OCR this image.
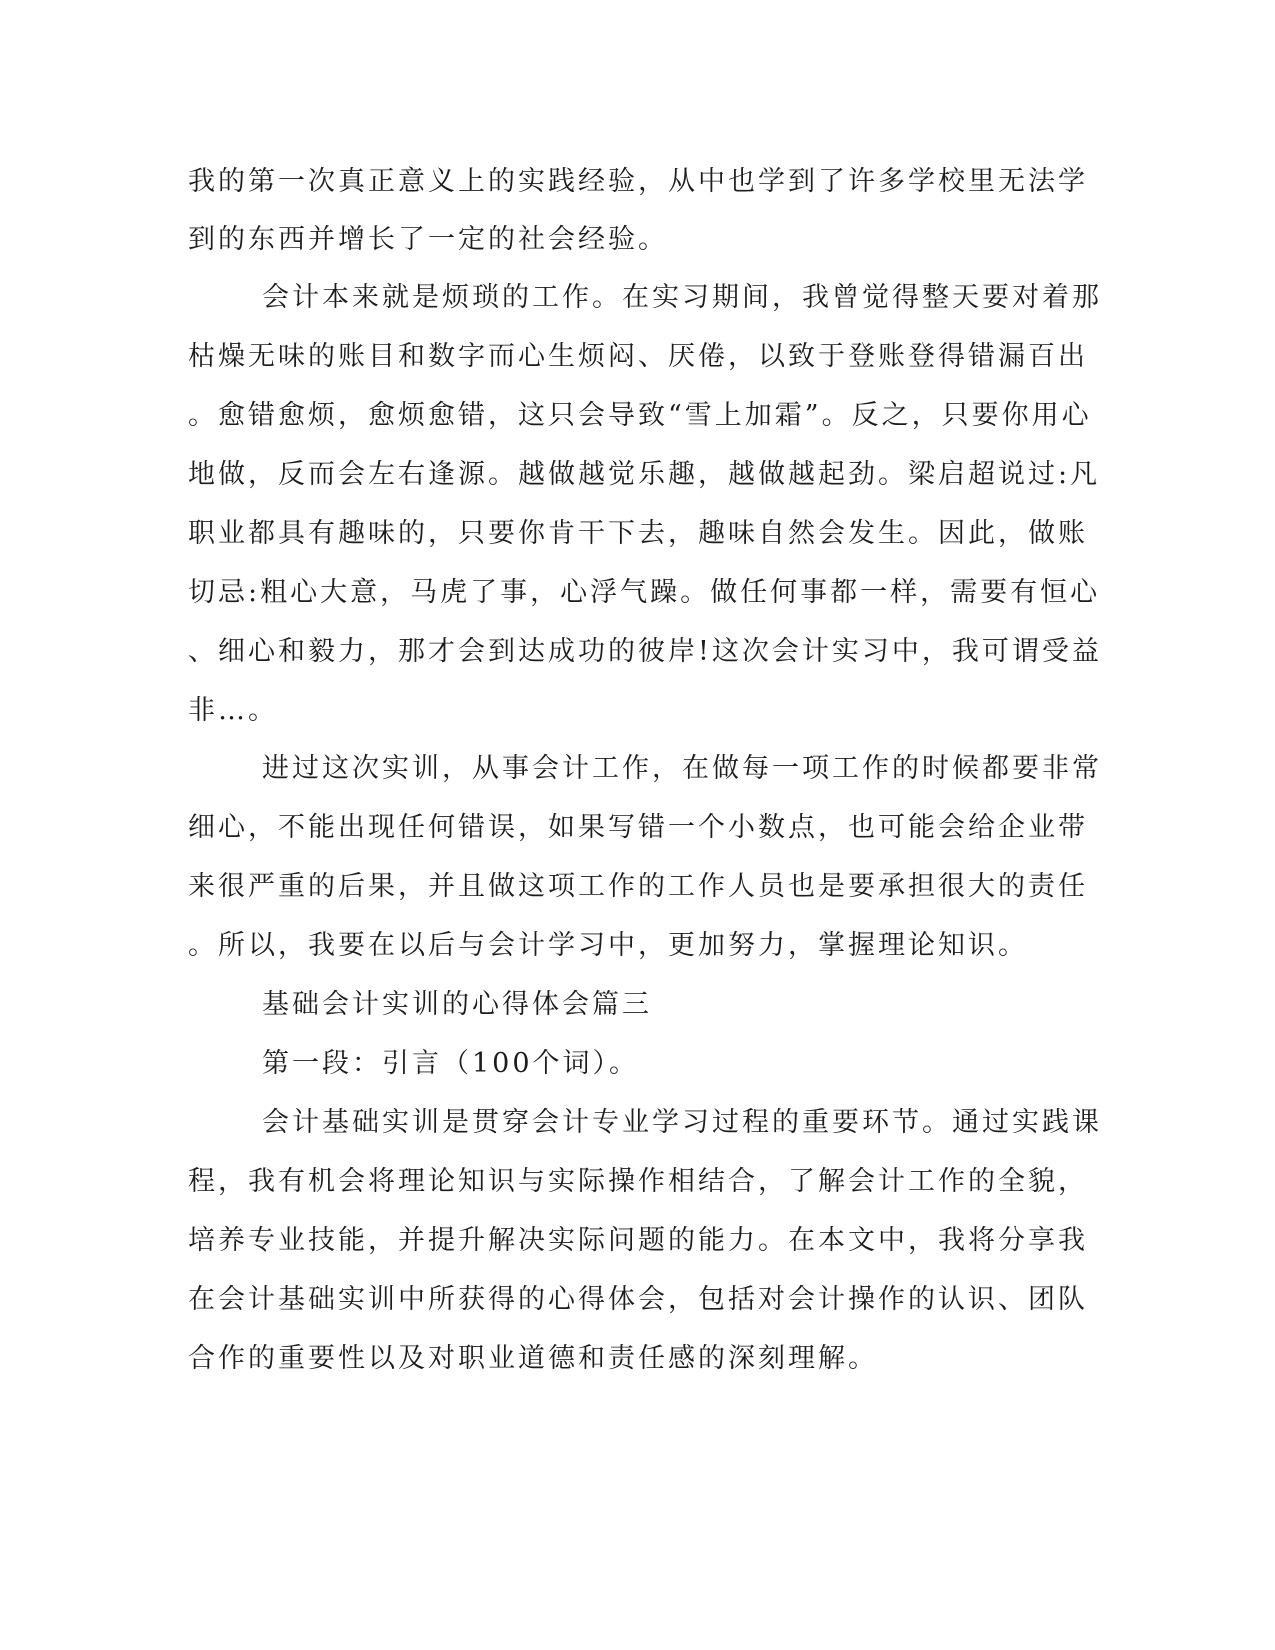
我的第一次真正意义上的实践经验，从中也学到了许多学校里无法学

到的东西并增长了一定的社会经验。

会计本来就是烦琐的工作。在实习期间，我曾觉得整天要对着那

枯燥无味的账目和数字而心生烦闷、厌倦，以致于登账登得错漏百出

。愈错愈烦，愈烦愈错，这只会导致“雪上加霜”。反之，只要你用心

地做，反而会左右逢源。越做越觉乐趣，越做越起劲。梁启超说过:凡

职业都具有趣味的，只要你肯干下去，趣味自然会发生。因此，做账

切忌:粗心大意，马虎了事，心浮气躁。做任何事都一样，需要有恒心

、细心和毅力，那才会到达成功的彼岸!这次会计实习中，我可谓受益

非…。

进过这次实训，从事会计工作，在做每一项工作的时候都要非常

细心，不能出现任何错误，如果写错一个小数点，也可能会给企业带

来很严重的后果，并且做这项工作的工作人员也是要承担很大的责任

。所以，我要在以后与会计学习中，更加努力，掌握理论知识。

基础会计实训的心得体会篇三

第一段：引言（100个词）。

会计基础实训是贯穿会计专业学习过程的重要环节。通过实践课

程，我有机会将理论知识与实际操作相结合，了解会计工作的全貌，

培养专业技能，并提升解决实际问题的能力。在本文中，我将分享我

在会计基础实训中所获得的心得体会，包括对会计操作的认识、团队

合作的重要性以及对职业道德和责任感的深刻理解。
